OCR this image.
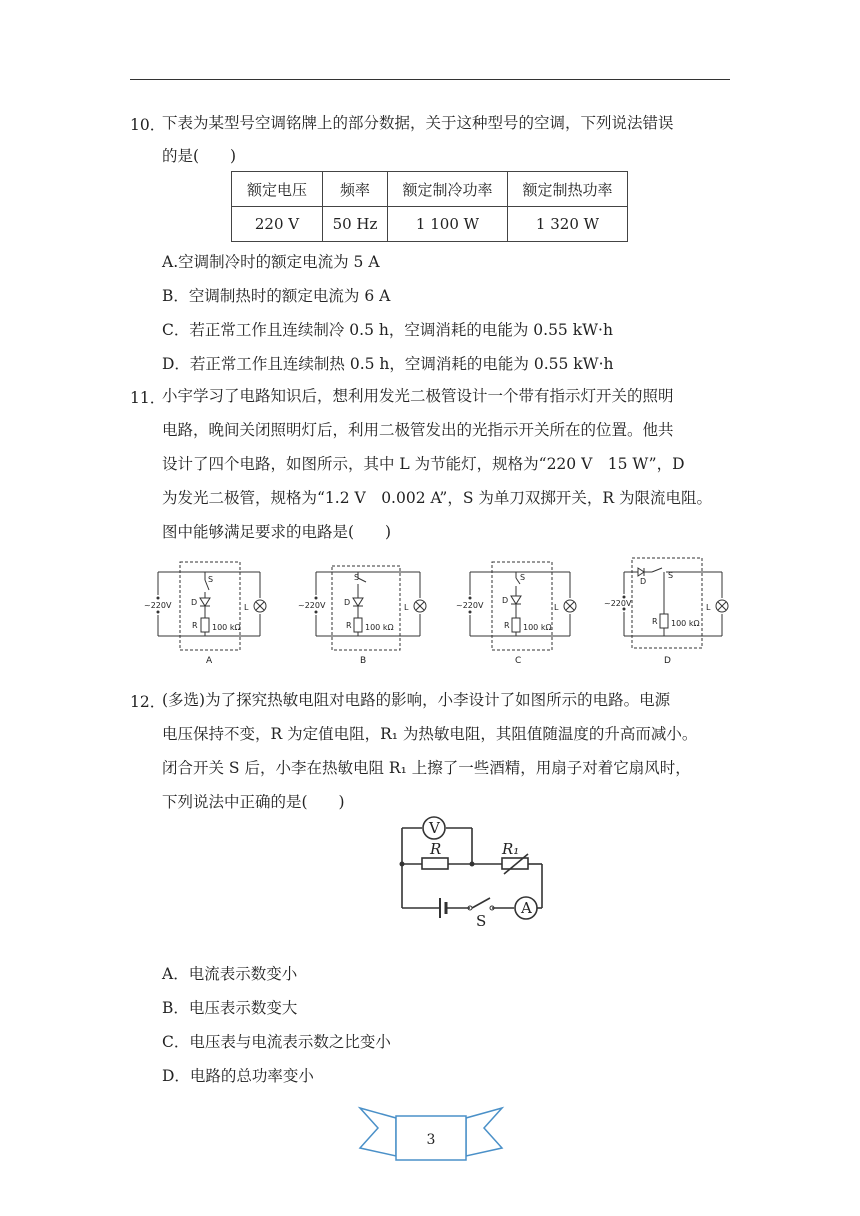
10．
下表为某型号空调铭牌上的部分数据，关于这种型号的空调，下列说法错误
的是(　　)
额定电压	频率	额定制冷功率	额定制热功率
220 V	50 Hz	1 100 W	1 320 W
A.空调制冷时的额定电流为 5 A
B．空调制热时的额定电流为 6 A
C．若正常工作且连续制冷 0.5 h，空调消耗的电能为 0.55 kW·h
D．若正常工作且连续制热 0.5 h，空调消耗的电能为 0.55 kW·h
11．
小宇学习了电路知识后，想利用发光二极管设计一个带有指示灯开关的照明
电路，晚间关闭照明灯后，利用二极管发出的光指示开关所在的位置。他共
设计了四个电路，如图所示，其中 L 为节能灯，规格为“220 V　15 W”，D
为发光二极管，规格为“1.2 V　0.002 A”，S 为单刀双掷开关，R 为限流电阻。
图中能够满足要求的电路是(　　)
~220V
S
D
R 100 kΩ
L
A
~220V
S
D
R 100 kΩ
L
B
~220V
S
D
R 100 kΩ
L
C
~220V
D
S
R 100 kΩ
L
D
12．
(多选)为了探究热敏电阻对电路的影响，小李设计了如图所示的电路。电源
电压保持不变，R 为定值电阻，R₁ 为热敏电阻，其阻值随温度的升高而减小。
闭合开关 S 后，小李在热敏电阻 R₁ 上擦了一些酒精，用扇子对着它扇风时，
下列说法中正确的是(　　)
V
A
R	R₁
S
A．电流表示数变小
B．电压表示数变大
C．电压表与电流表示数之比变小
D．电路的总功率变小
3
